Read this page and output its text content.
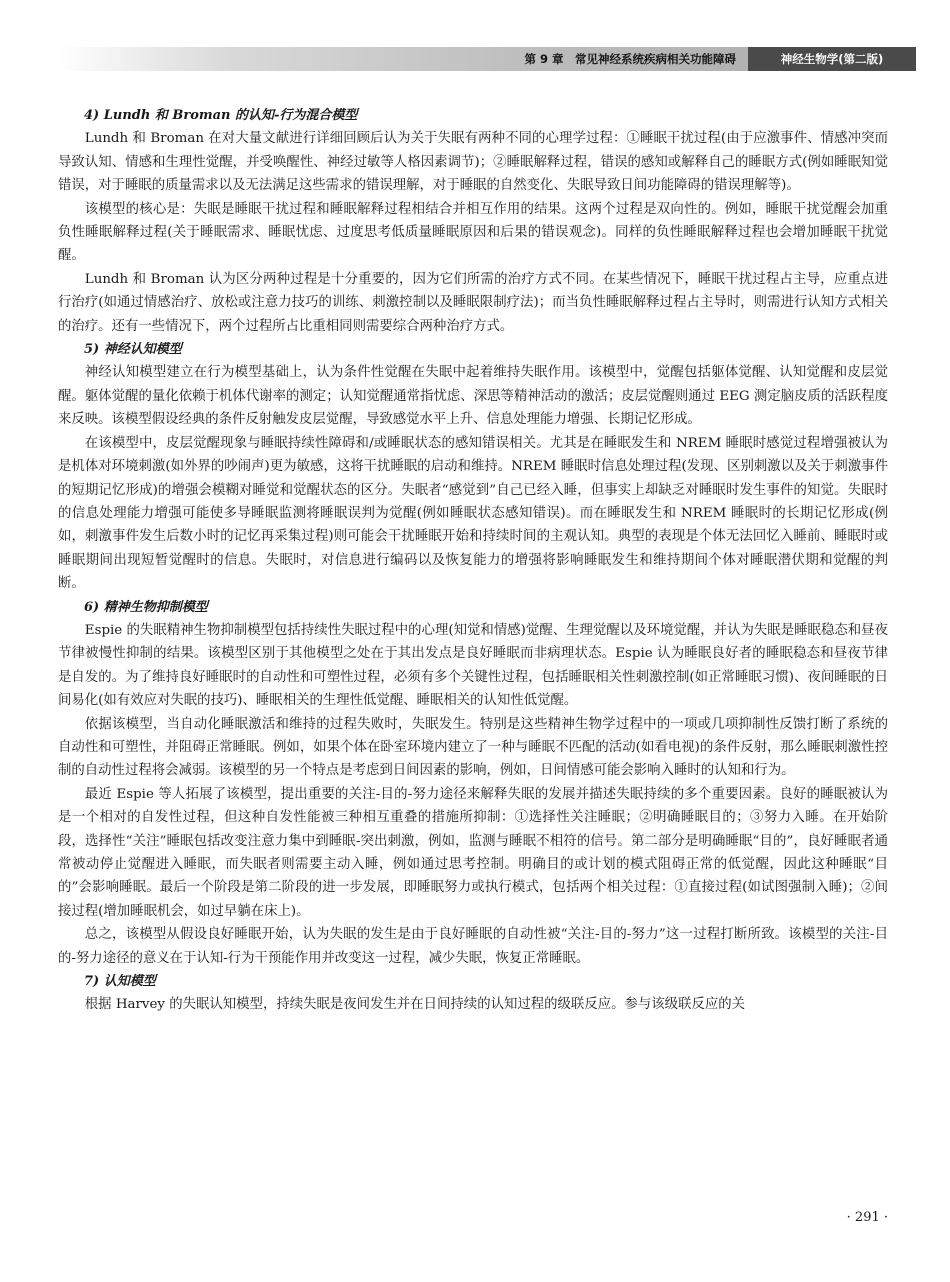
第 9 章　常见神经系统疾病相关功能障碍	神经生物学(第二版)

4) Lundh 和 Broman 的认知-行为混合模型

Lundh 和 Broman 在对大量文献进行详细回顾后认为关于失眠有两种不同的心理学过程：①睡眠干扰过程(由于应激事件、情感冲突而导致认知、情感和生理性觉醒，并受唤醒性、神经过敏等人格因素调节)；②睡眠解释过程，错误的感知或解释自己的睡眠方式(例如睡眠知觉错误，对于睡眠的质量需求以及无法满足这些需求的错误理解，对于睡眠的自然变化、失眠导致日间功能障碍的错误理解等)。

该模型的核心是：失眠是睡眠干扰过程和睡眠解释过程相结合并相互作用的结果。这两个过程是双向性的。例如，睡眠干扰觉醒会加重负性睡眠解释过程(关于睡眠需求、睡眠忧虑、过度思考低质量睡眠原因和后果的错误观念)。同样的负性睡眠解释过程也会增加睡眠干扰觉醒。

Lundh 和 Broman 认为区分两种过程是十分重要的，因为它们所需的治疗方式不同。在某些情况下，睡眠干扰过程占主导，应重点进行治疗(如通过情感治疗、放松或注意力技巧的训练、刺激控制以及睡眠限制疗法)；而当负性睡眠解释过程占主导时，则需进行认知方式相关的治疗。还有一些情况下，两个过程所占比重相同则需要综合两种治疗方式。

5) 神经认知模型

神经认知模型建立在行为模型基础上，认为条件性觉醒在失眠中起着维持失眠作用。该模型中，觉醒包括躯体觉醒、认知觉醒和皮层觉醒。躯体觉醒的量化依赖于机体代谢率的测定；认知觉醒通常指忧虑、深思等精神活动的激活；皮层觉醒则通过 EEG 测定脑皮质的活跃程度来反映。该模型假设经典的条件反射触发皮层觉醒，导致感觉水平上升、信息处理能力增强、长期记忆形成。

在该模型中，皮层觉醒现象与睡眠持续性障碍和/或睡眠状态的感知错误相关。尤其是在睡眠发生和 NREM 睡眠时感觉过程增强被认为是机体对环境刺激(如外界的吵闹声)更为敏感，这将干扰睡眠的启动和维持。NREM 睡眠时信息处理过程(发现、区别刺激以及关于刺激事件的短期记忆形成)的增强会模糊对睡觉和觉醒状态的区分。失眠者“感觉到”自己已经入睡，但事实上却缺乏对睡眠时发生事件的知觉。失眠时的信息处理能力增强可能使多导睡眠监测将睡眠误判为觉醒(例如睡眠状态感知错误)。而在睡眠发生和 NREM 睡眠时的长期记忆形成(例如，刺激事件发生后数小时的记忆再采集过程)则可能会干扰睡眠开始和持续时间的主观认知。典型的表现是个体无法回忆入睡前、睡眠时或睡眠期间出现短暂觉醒时的信息。失眠时，对信息进行编码以及恢复能力的增强将影响睡眠发生和维持期间个体对睡眠潜伏期和觉醒的判断。

6) 精神生物抑制模型

Espie 的失眠精神生物抑制模型包括持续性失眠过程中的心理(知觉和情感)觉醒、生理觉醒以及环境觉醒，并认为失眠是睡眠稳态和昼夜节律被慢性抑制的结果。该模型区别于其他模型之处在于其出发点是良好睡眠而非病理状态。Espie 认为睡眠良好者的睡眠稳态和昼夜节律是自发的。为了维持良好睡眠时的自动性和可塑性过程，必须有多个关键性过程，包括睡眠相关性刺激控制(如正常睡眠习惯)、夜间睡眠的日间易化(如有效应对失眠的技巧)、睡眠相关的生理性低觉醒、睡眠相关的认知性低觉醒。

依据该模型，当自动化睡眠激活和维持的过程失败时，失眠发生。特别是这些精神生物学过程中的一项或几项抑制性反馈打断了系统的自动性和可塑性，并阻碍正常睡眠。例如，如果个体在卧室环境内建立了一种与睡眠不匹配的活动(如看电视)的条件反射，那么睡眠刺激性控制的自动性过程将会减弱。该模型的另一个特点是考虑到日间因素的影响，例如，日间情感可能会影响入睡时的认知和行为。

最近 Espie 等人拓展了该模型，提出重要的关注-目的-努力途径来解释失眠的发展并描述失眠持续的多个重要因素。良好的睡眠被认为是一个相对的自发性过程，但这种自发性能被三种相互重叠的措施所抑制：①选择性关注睡眠；②明确睡眠目的；③努力入睡。在开始阶段，选择性“关注”睡眠包括改变注意力集中到睡眠-突出刺激，例如，监测与睡眠不相符的信号。第二部分是明确睡眠“目的”，良好睡眠者通常被动停止觉醒进入睡眠，而失眠者则需要主动入睡，例如通过思考控制。明确目的或计划的模式阻碍正常的低觉醒，因此这种睡眠“目的”会影响睡眠。最后一个阶段是第二阶段的进一步发展，即睡眠努力或执行模式，包括两个相关过程：①直接过程(如试图强制入睡)；②间接过程(增加睡眠机会，如过早躺在床上)。

总之，该模型从假设良好睡眠开始，认为失眠的发生是由于良好睡眠的自动性被“关注-目的-努力”这一过程打断所致。该模型的关注-目的-努力途径的意义在于认知-行为干预能作用并改变这一过程，减少失眠，恢复正常睡眠。

7) 认知模型

根据 Harvey 的失眠认知模型，持续失眠是夜间发生并在日间持续的认知过程的级联反应。参与该级联反应的关

· 291 ·
